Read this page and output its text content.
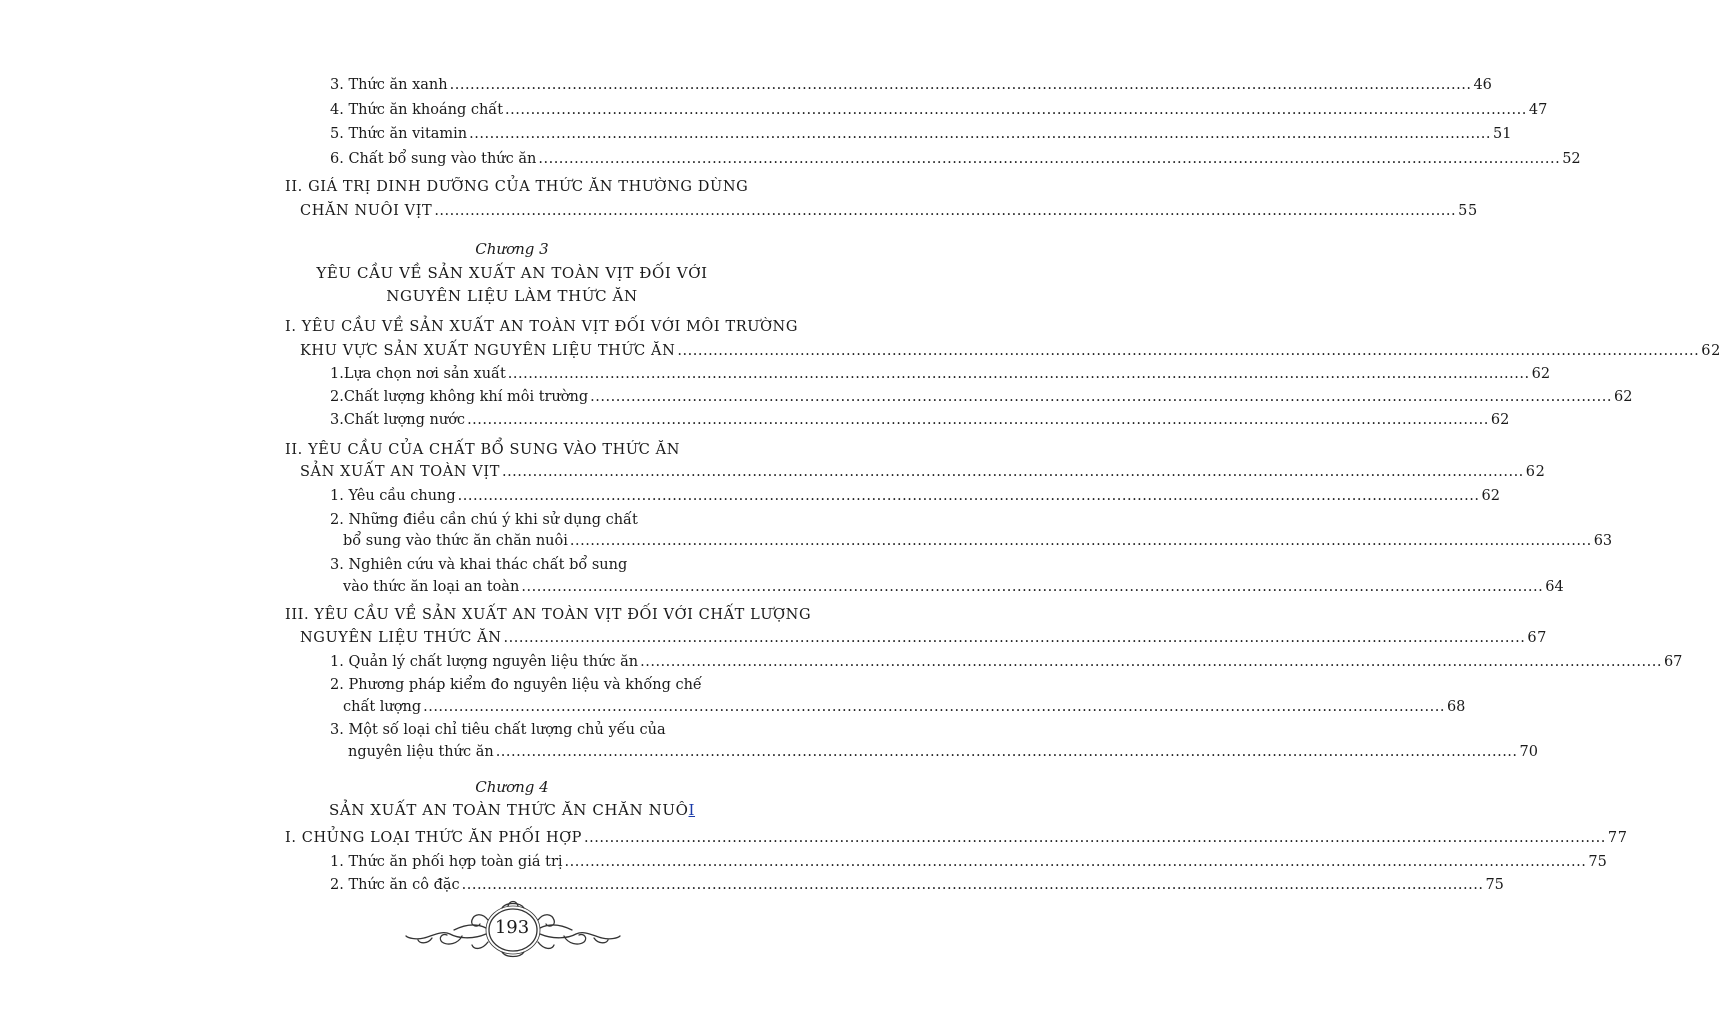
3. Thức ăn xanh ........................................................................................................................................................................................................ 46
4. Thức ăn khoáng chất ........................................................................................................................................................................................................ 47
5. Thức ăn vitamin ........................................................................................................................................................................................................ 51
6. Chất bổ sung vào thức ăn ........................................................................................................................................................................................................ 52
II. GIÁ TRỊ DINH DƯỠNG CỦA THỨC ĂN THƯỜNG DÙNG
CHĂN NUÔI VỊT ........................................................................................................................................................................................................ 55
Chương 3
YÊU CẦU VỀ SẢN XUẤT AN TOÀN VỊT ĐỐI VỚI
NGUYÊN LIỆU LÀM THỨC ĂN
I. YÊU CẦU VỀ SẢN XUẤT AN TOÀN VỊT ĐỐI VỚI MÔI TRƯỜNG
KHU VỰC SẢN XUẤT NGUYÊN LIỆU THỨC ĂN ........................................................................................................................................................................................................ 62
1.Lựa chọn nơi sản xuất ........................................................................................................................................................................................................ 62
2.Chất lượng không khí môi trường ........................................................................................................................................................................................................ 62
3.Chất lượng nước ........................................................................................................................................................................................................ 62
II. YÊU CẦU CỦA CHẤT BỔ SUNG VÀO THỨC ĂN
SẢN XUẤT AN TOÀN VỊT ........................................................................................................................................................................................................ 62
1. Yêu cầu chung ........................................................................................................................................................................................................ 62
2. Những điều cần chú ý khi sử dụng chất
bổ sung vào thức ăn chăn nuôi ........................................................................................................................................................................................................ 63
3. Nghiên cứu và khai thác chất bổ sung
vào thức ăn loại an toàn ........................................................................................................................................................................................................ 64
III. YÊU CẦU VỀ SẢN XUẤT AN TOÀN VỊT ĐỐI VỚI CHẤT LƯỢNG
NGUYÊN LIỆU THỨC ĂN ........................................................................................................................................................................................................ 67
1. Quản lý chất lượng nguyên liệu thức ăn ........................................................................................................................................................................................................ 67
2. Phương pháp kiểm đo nguyên liệu và khống chế
chất lượng ........................................................................................................................................................................................................ 68
3. Một số loại chỉ tiêu chất lượng chủ yếu của
nguyên liệu thức ăn ........................................................................................................................................................................................................ 70
Chương 4
SẢN XUẤT AN TOÀN THỨC ĂN CHĂN NUÔI
I. CHỦNG LOẠI THỨC ĂN PHỐI HỢP ........................................................................................................................................................................................................ 77
1. Thức ăn phối hợp toàn giá trị ........................................................................................................................................................................................................ 75
2. Thức ăn cô đặc ........................................................................................................................................................................................................ 75
193
